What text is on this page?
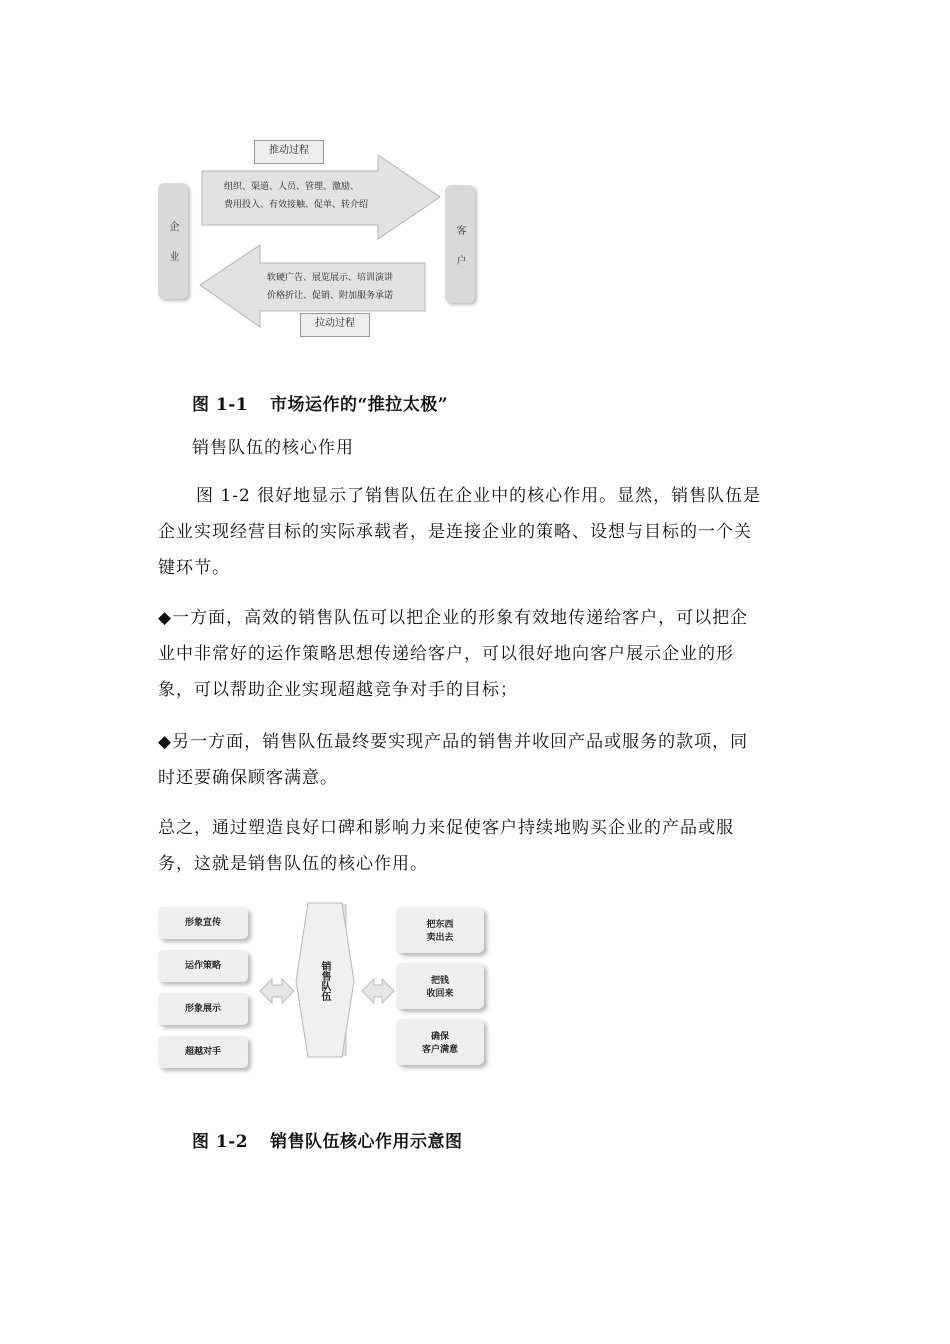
企业	客户
推动过程
拉动过程
组织、渠道、人员、管理、激励、
费用投入、有效接触、促单、转介绍
软硬广告、展览展示、培训演讲
价格折让、促销、附加服务承诺
图 1-1 市场运作的“推拉太极”
销售队伍的核心作用
图 1-2 很好地显示了销售队伍在企业中的核心作用。显然，销售队伍是
企业实现经营目标的实际承载者，是连接企业的策略、设想与目标的一个关
键环节。
◆一方面，高效的销售队伍可以把企业的形象有效地传递给客户，可以把企
业中非常好的运作策略思想传递给客户，可以很好地向客户展示企业的形
象，可以帮助企业实现超越竞争对手的目标；
◆另一方面，销售队伍最终要实现产品的销售并收回产品或服务的款项，同
时还要确保顾客满意。
总之，通过塑造良好口碑和影响力来促使客户持续地购买企业的产品或服
务，这就是销售队伍的核心作用。
形象宣传
运作策略
形象展示
超越对手
销售队伍
把东西
卖出去
把钱
收回来
确保
客户满意
图 1-2 销售队伍核心作用示意图
